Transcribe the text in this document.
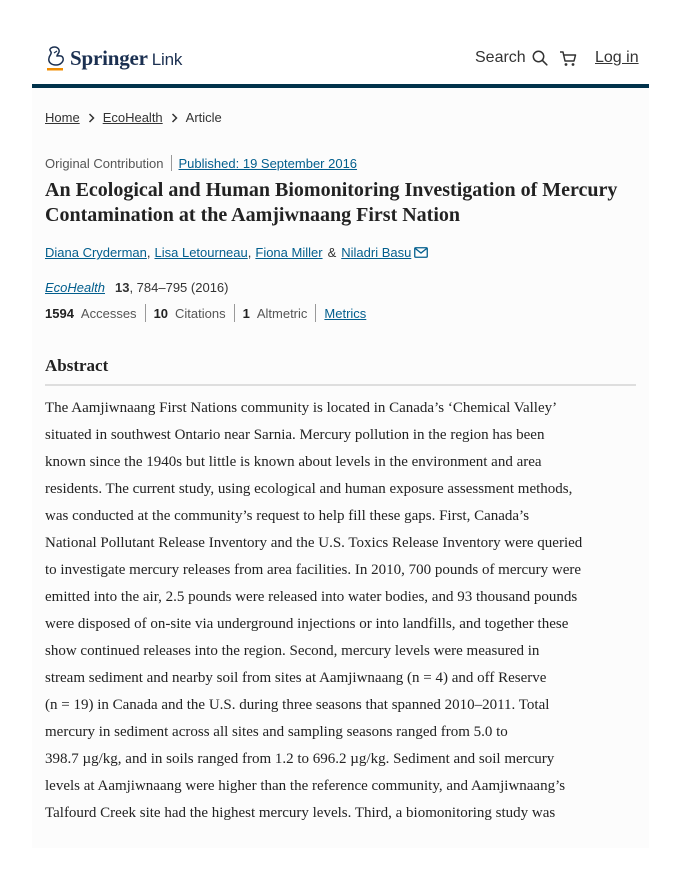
Springer Link	Search	Log in
Home EcoHealth Article
Original Contribution Published: 19 September 2016
An Ecological and Human Biomonitoring Investigation of Mercury Contamination at the Aamjiwnaang First Nation
Diana Cryderman , Lisa Letourneau , Fiona Miller & Niladri Basu
EcoHealth 13 , 784–795 (2016)
1594 Accesses 10 Citations 1 Altmetric Metrics
Abstract
The Aamjiwnaang First Nations community is located in Canada’s ‘Chemical Valley’
situated in southwest Ontario near Sarnia. Mercury pollution in the region has been
known since the 1940s but little is known about levels in the environment and area
residents. The current study, using ecological and human exposure assessment methods,
was conducted at the community’s request to help fill these gaps. First, Canada’s
National Pollutant Release Inventory and the U.S. Toxics Release Inventory were queried
to investigate mercury releases from area facilities. In 2010, 700 pounds of mercury were
emitted into the air, 2.5 pounds were released into water bodies, and 93 thousand pounds
were disposed of on-site via underground injections or into landfills, and together these
show continued releases into the region. Second, mercury levels were measured in
stream sediment and nearby soil from sites at Aamjiwnaang (n = 4) and off Reserve
(n = 19) in Canada and the U.S. during three seasons that spanned 2010–2011. Total
mercury in sediment across all sites and sampling seasons ranged from 5.0 to
398.7 µg/kg, and in soils ranged from 1.2 to 696.2 µg/kg. Sediment and soil mercury
levels at Aamjiwnaang were higher than the reference community, and Aamjiwnaang’s
Talfourd Creek site had the highest mercury levels. Third, a biomonitoring study was
